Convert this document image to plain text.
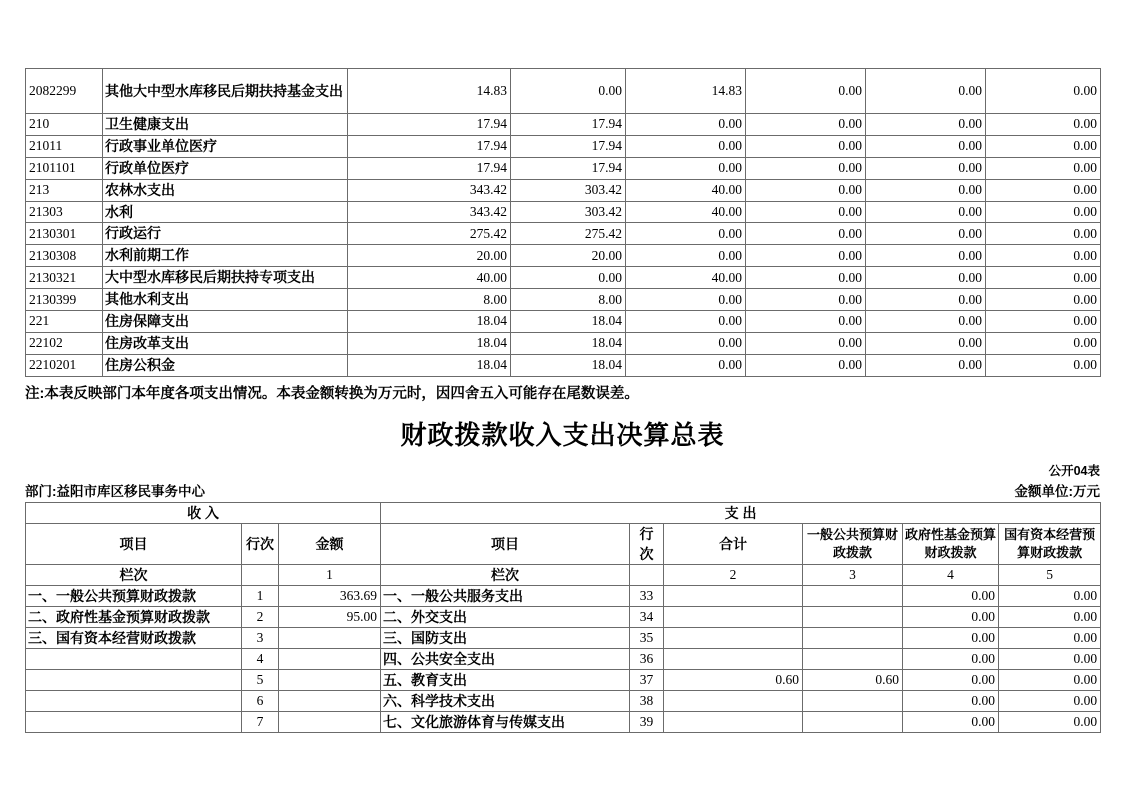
2082299	其他大中型水库移民后期扶持基金支出	14.83	0.00	14.83	0.00	0.00	0.00
210	卫生健康支出	17.94	17.94	0.00	0.00	0.00	0.00
21011	行政事业单位医疗	17.94	17.94	0.00	0.00	0.00	0.00
2101101	行政单位医疗	17.94	17.94	0.00	0.00	0.00	0.00
213	农林水支出	343.42	303.42	40.00	0.00	0.00	0.00
21303	水利	343.42	303.42	40.00	0.00	0.00	0.00
2130301	行政运行	275.42	275.42	0.00	0.00	0.00	0.00
2130308	水利前期工作	20.00	20.00	0.00	0.00	0.00	0.00
2130321	大中型水库移民后期扶持专项支出	40.00	0.00	40.00	0.00	0.00	0.00
2130399	其他水利支出	8.00	8.00	0.00	0.00	0.00	0.00
221	住房保障支出	18.04	18.04	0.00	0.00	0.00	0.00
22102	住房改革支出	18.04	18.04	0.00	0.00	0.00	0.00
2210201	住房公积金	18.04	18.04	0.00	0.00	0.00	0.00

注:本表反映部门本年度各项支出情况。本表金额转换为万元时，因四舍五入可能存在尾数误差。

财政拨款收入支出决算总表
公开04表
部门:益阳市库区移民事务中心	金额单位:万元
收 入			支 出					
项目	行次	金额	项目	行次	合计	一般公共预算财政拨款	政府性基金预算财政拨款	国有资本经营预算财政拨款
栏次		1	栏次		2	3	4	5
一、一般公共预算财政拨款	1	363.69	一、一般公共服务支出	33			0.00	0.00
二、政府性基金预算财政拨款	2	95.00	二、外交支出	34			0.00	0.00
三、国有资本经营财政拨款	3		三、国防支出	35			0.00	0.00
	4		四、公共安全支出	36			0.00	0.00
	5		五、教育支出	37	0.60	0.60	0.00	0.00
	6		六、科学技术支出	38			0.00	0.00
	7		七、文化旅游体育与传媒支出	39			0.00	0.00
